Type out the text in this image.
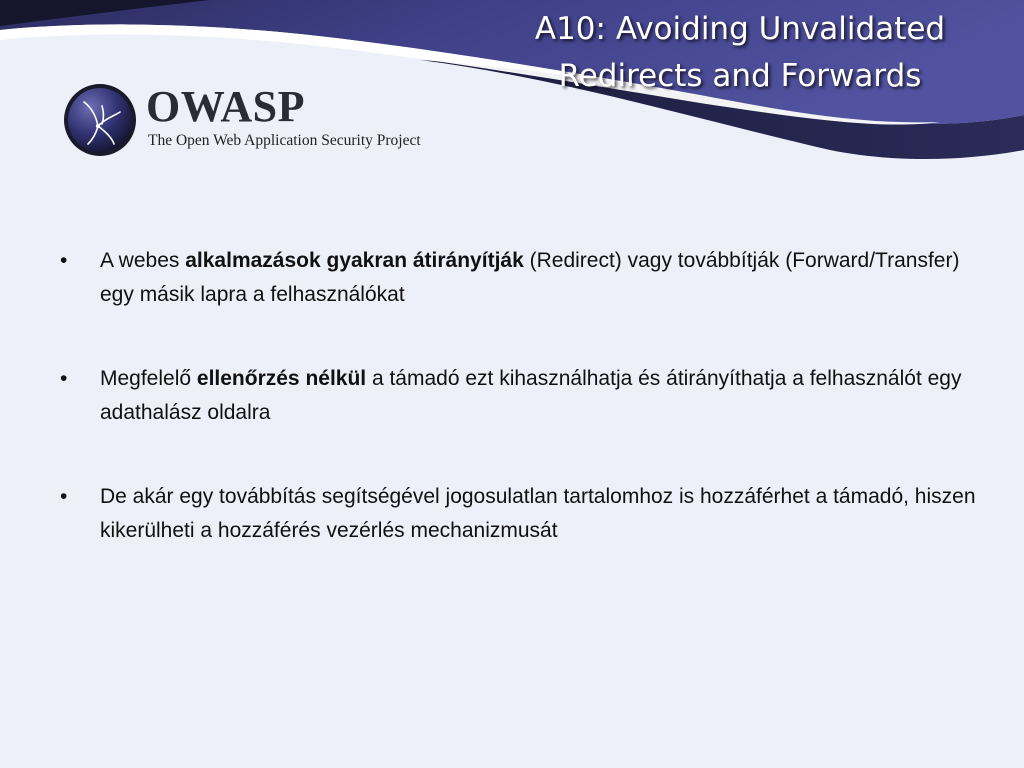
A10: Avoiding Unvalidated
Redirects and Forwards
OWASP
The Open Web Application Security Project
• A webes alkalmazások gyakran átirányítják (Redirect) vagy továbbítják (Forward/Transfer) egy másik lapra a felhasználókat
• Megfelelő ellenőrzés nélkül a támadó ezt kihasználhatja és átirányíthatja a felhasználót egy adathalász oldalra
• De akár egy továbbítás segítségével jogosulatlan tartalomhoz is hozzáférhet a támadó, hiszen kikerülheti a hozzáférés vezérlés mechanizmusát
